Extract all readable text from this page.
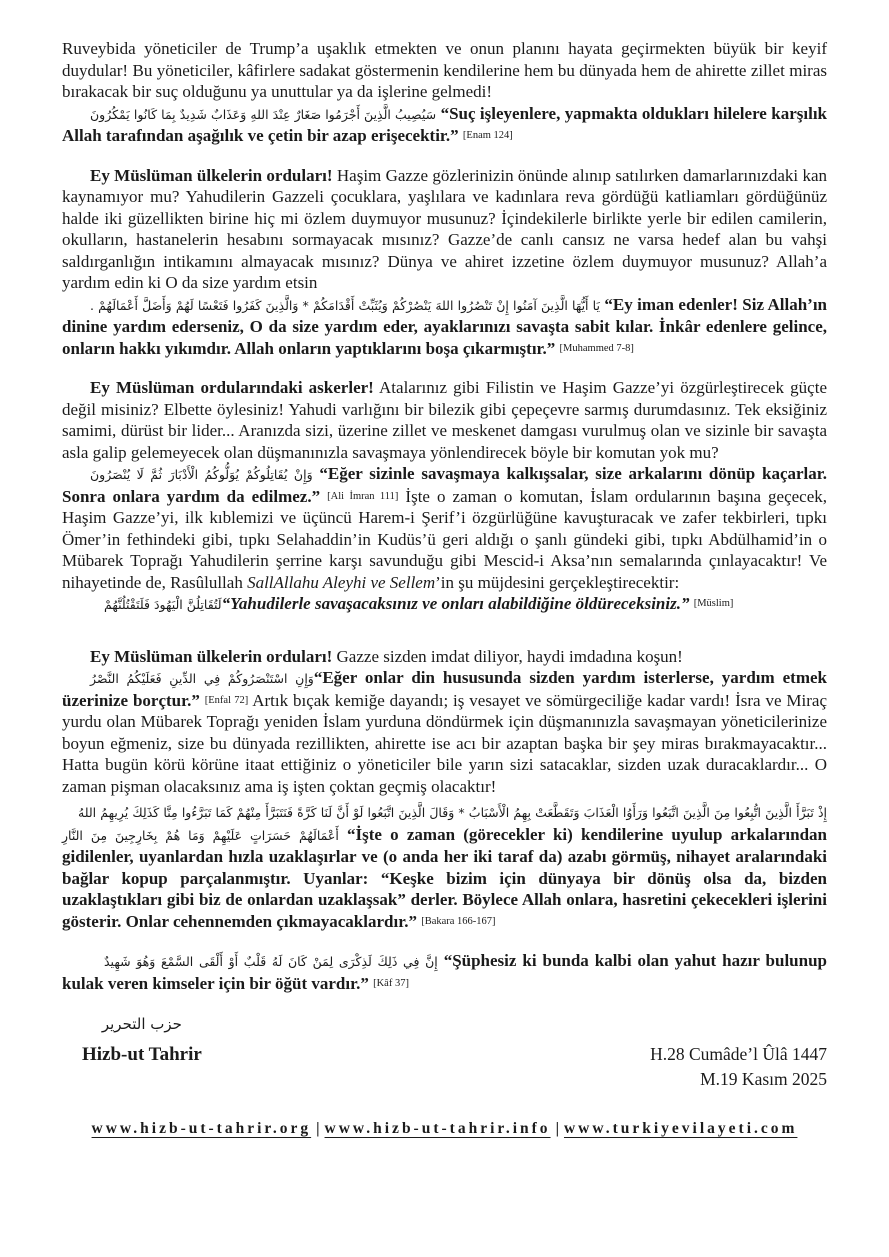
Ruveybida yöneticiler de Trump’a uşaklık etmekten ve onun planını hayata geçirmekten büyük bir keyif duydular! Bu yöneticiler, kâfirlere sadakat göstermenin kendilerine hem bu dünyada hem de ahirette zillet miras bırakacak bir suç olduğunu ya unuttular ya da işlerine gelmedi!

سَيُصِيبُ الَّذِينَ أَجْرَمُوا صَغَارٌ عِنْدَ اللهِ وَعَذَابٌ شَدِيدٌ بِمَا كَانُوا يَمْكُرُونَ “Suç işleyenlere, yapmakta oldukları hilelere karşılık Allah tarafından aşağılık ve çetin bir azap erişecektir.” [Enam 124]

Ey Müslüman ülkelerin orduları! Haşim Gazze gözlerinizin önünde alınıp satılırken damarlarınızdaki kan kaynamıyor mu? Yahudilerin Gazzeli çocuklara, yaşlılara ve kadınlara reva gördüğü katliamları gördüğünüz halde iki güzellikten birine hiç mi özlem duymuyor musunuz? İçindekilerle birlikte yerle bir edilen camilerin, okulların, hastanelerin hesabını sormayacak mısınız? Gazze’de canlı cansız ne varsa hedef alan bu vahşi saldırganlığın intikamını almayacak mısınız? Dünya ve ahiret izzetine özlem duymuyor musunuz? Allah’a yardım edin ki O da size yardım etsin

يَا أَيُّهَا الَّذِينَ آمَنُوا إِنْ تَنْصُرُوا اللهَ يَنْصُرْكُمْ وَيُثَبِّتْ أَقْدَامَكُمْ * وَالَّذِينَ كَفَرُوا فَتَعْسًا لَهُمْ وَأَضَلَّ أَعْمَالَهُمْ . “Ey iman edenler! Siz Allah’ın dinine yardım ederseniz, O da size yardım eder, ayaklarınızı savaşta sabit kılar. İnkâr edenlere gelince, onların hakkı yıkımdır. Allah onların yaptıklarını boşa çıkarmıştır.” [Muhammed 7-8]

Ey Müslüman ordularındaki askerler! Atalarınız gibi Filistin ve Haşim Gazze’yi özgürleştirecek güçte değil misiniz? Elbette öylesiniz! Yahudi varlığını bir bilezik gibi çepeçevre sarmış durumdasınız. Tek eksiğiniz samimi, dürüst bir lider... Aranızda sizi, üzerine zillet ve meskenet damgası vurulmuş olan ve sizinle bir savaşta asla galip gelemeyecek olan düşmanınızla savaşmaya yönlendirecek böyle bir komutan yok mu?

وَإِنْ يُقَاتِلُوكُمْ يُوَلُّوكُمُ الْأَدْبَارَ ثُمَّ لَا يُنْصَرُونَ “Eğer sizinle savaşmaya kalkışsalar, size arkalarını dönüp kaçarlar. Sonra onlara yardım da edilmez.” [Ali İmran 111] İşte o zaman o komutan, İslam ordularının başına geçecek, Haşim Gazze’yi, ilk kıblemizi ve üçüncü Harem-i Şerif’i özgürlüğüne kavuşturacak ve zafer tekbirleri, tıpkı Ömer’in fethindeki gibi, tıpkı Selahaddin’in Kudüs’ü geri aldığı o şanlı gündeki gibi, tıpkı Abdülhamid’in o Mübarek Toprağı Yahudilerin şerrine karşı savunduğu gibi Mescid-i Aksa’nın semalarında çınlayacaktır! Ve nihayetinde de, Rasûlullah SallAllahu Aleyhi ve Sellem’in şu müjdesini gerçekleştirecektir:

لَتُقَاتِلُنَّ الْيَهُودَ فَلَتَقْتُلُنَّهُمْ“Yahudilerle savaşacaksınız ve onları alabildiğine öldüreceksiniz.” [Müslim]

Ey Müslüman ülkelerin orduları! Gazze sizden imdat diliyor, haydi imdadına koşun!

وَإِنِ اسْتَنْصَرُوكُمْ فِي الدِّينِ فَعَلَيْكُمُ النَّصْرُ“Eğer onlar din hususunda sizden yardım isterlerse, yardım etmek üzerinize borçtur.” [Enfal 72] Artık bıçak kemiğe dayandı; iş vesayet ve sömürgeciliğe kadar vardı! İsra ve Miraç yurdu olan Mübarek Toprağı yeniden İslam yurduna döndürmek için düşmanınızla savaşmayan yöneticilerinize boyun eğmeniz, size bu dünyada rezillikten, ahirette ise acı bir azaptan başka bir şey miras bırakmayacaktır... Hatta bugün körü körüne itaat ettiğiniz o yöneticiler bile yarın sizi satacaklar, sizden uzak duracaklardır... O zaman pişman olacaksınız ama iş işten çoktan geçmiş olacaktır!

إِذْ تَبَرَّأَ الَّذِينَ اتُّبِعُوا مِنَ الَّذِينَ اتَّبَعُوا وَرَأَوُا الْعَذَابَ وَتَقَطَّعَتْ بِهِمُ الْأَسْبَابُ * وَقَالَ الَّذِينَ اتَّبَعُوا لَوْ أَنَّ لَنَا كَرَّةً فَنَتَبَرَّأَ مِنْهُمْ كَمَا تَبَرَّءُوا مِنَّا كَذَلِكَ يُرِيهِمُ اللهُ أَعْمَالَهُمْ حَسَرَاتٍ عَلَيْهِمْ وَمَا هُمْ بِخَارِجِينَ مِنَ النَّارِ “İşte o zaman (görecekler ki) kendilerine uyulup arkalarından gidilenler, uyanlardan hızla uzaklaşırlar ve (o anda her iki taraf da) azabı görmüş, nihayet aralarındaki bağlar kopup parçalanmıştır. Uyanlar: “Keşke bizim için dünyaya bir dönüş olsa da, bizden uzaklaştıkları gibi biz de onlardan uzaklaşsak” derler. Böylece Allah onlara, hasretini çekecekleri işlerini gösterir. Onlar cehennemden çıkmayacaklardır.” [Bakara 166-167]

إِنَّ فِي ذَلِكَ لَذِكْرَى لِمَنْ كَانَ لَهُ قَلْبٌ أَوْ أَلْقَى السَّمْعَ وَهُوَ شَهِيدٌ “Şüphesiz ki bunda kalbi olan yahut hazır bulunup kulak veren kimseler için bir öğüt vardır.” [Kâf 37]

حزب التحرير
Hizb-ut Tahrir	H.28 Cumâde’l Ûlâ 1447
M.19 Kasım 2025
www.hizb-ut-tahrir.org | www.hizb-ut-tahrir.info | www.turkiyevilayeti.com
